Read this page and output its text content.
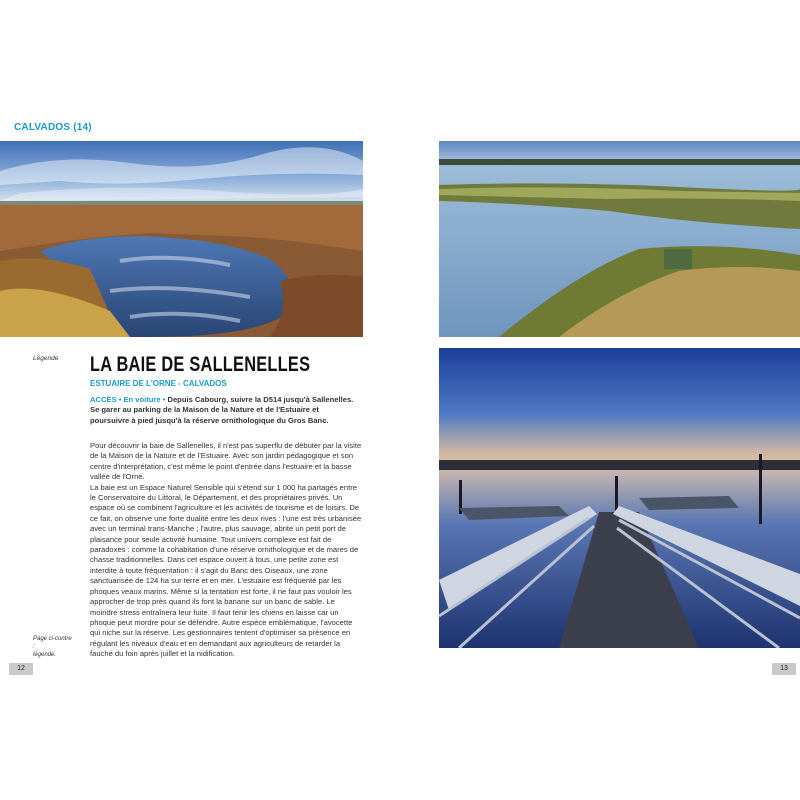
CALVADOS (14)
Légende
Page ci-contre :
légende.
LA BAIE DE SALLENELLES
ESTUAIRE DE L'ORNE - CALVADOS
ACCÈS • En voiture • Depuis Cabourg, suivre la D514 jusqu'à Sallenelles. Se garer au parking de la Maison de la Nature et de l'Estuaire et poursuivre à pied jusqu'à la réserve ornithologique du Gros Banc.
Pour découvrir la baie de Sallenelles, il n'est pas superflu de débuter par la visite de la Maison de la Nature et de l'Estuaire. Avec son jardin pédagogique et son centre d'interprétation, c'est même le point d'entrée dans l'estuaire et la basse vallée de l'Orne.
La baie est un Espace Naturel Sensible qui s'étend sur 1 000 ha partagés entre le Conservatoire du Littoral, le Département, et des propriétaires privés. Un espace où se combinent l'agriculture et les activités de tourisme et de loisirs. De ce fait, on observe une forte dualité entre les deux rives : l'une est très urbanisée avec un terminal trans-Manche ; l'autre, plus sauvage, abrite un petit port de plaisance pour seule activité humaine. Tout univers complexe est fait de paradoxes : comme la cohabitation d'une réserve ornithologique et de mares de chasse traditionnelles. Dans cet espace ouvert à tous, une petite zone est interdite à toute fréquentation : il s'agit du Banc des Oiseaux, une zone sanctuarisée de 124 ha sur terre et en mer. L'estuaire est fréquenté par les phoques veaux marins. Même si la tentation est forte, il ne faut pas vouloir les approcher de trop près quand ils font la banane sur un banc de sable. Le moindre stress entraînera leur fuite. Il faut tenir les chiens en laisse car un phoque peut mordre pour se défendre. Autre espèce emblématique, l'avocette qui niche sur la réserve. Les gestionnaires tentent d'optimiser sa présence en régulant les niveaux d'eau et en demandant aux agriculteurs de retarder la fauche du foin après juillet et la nidification.
12	13
